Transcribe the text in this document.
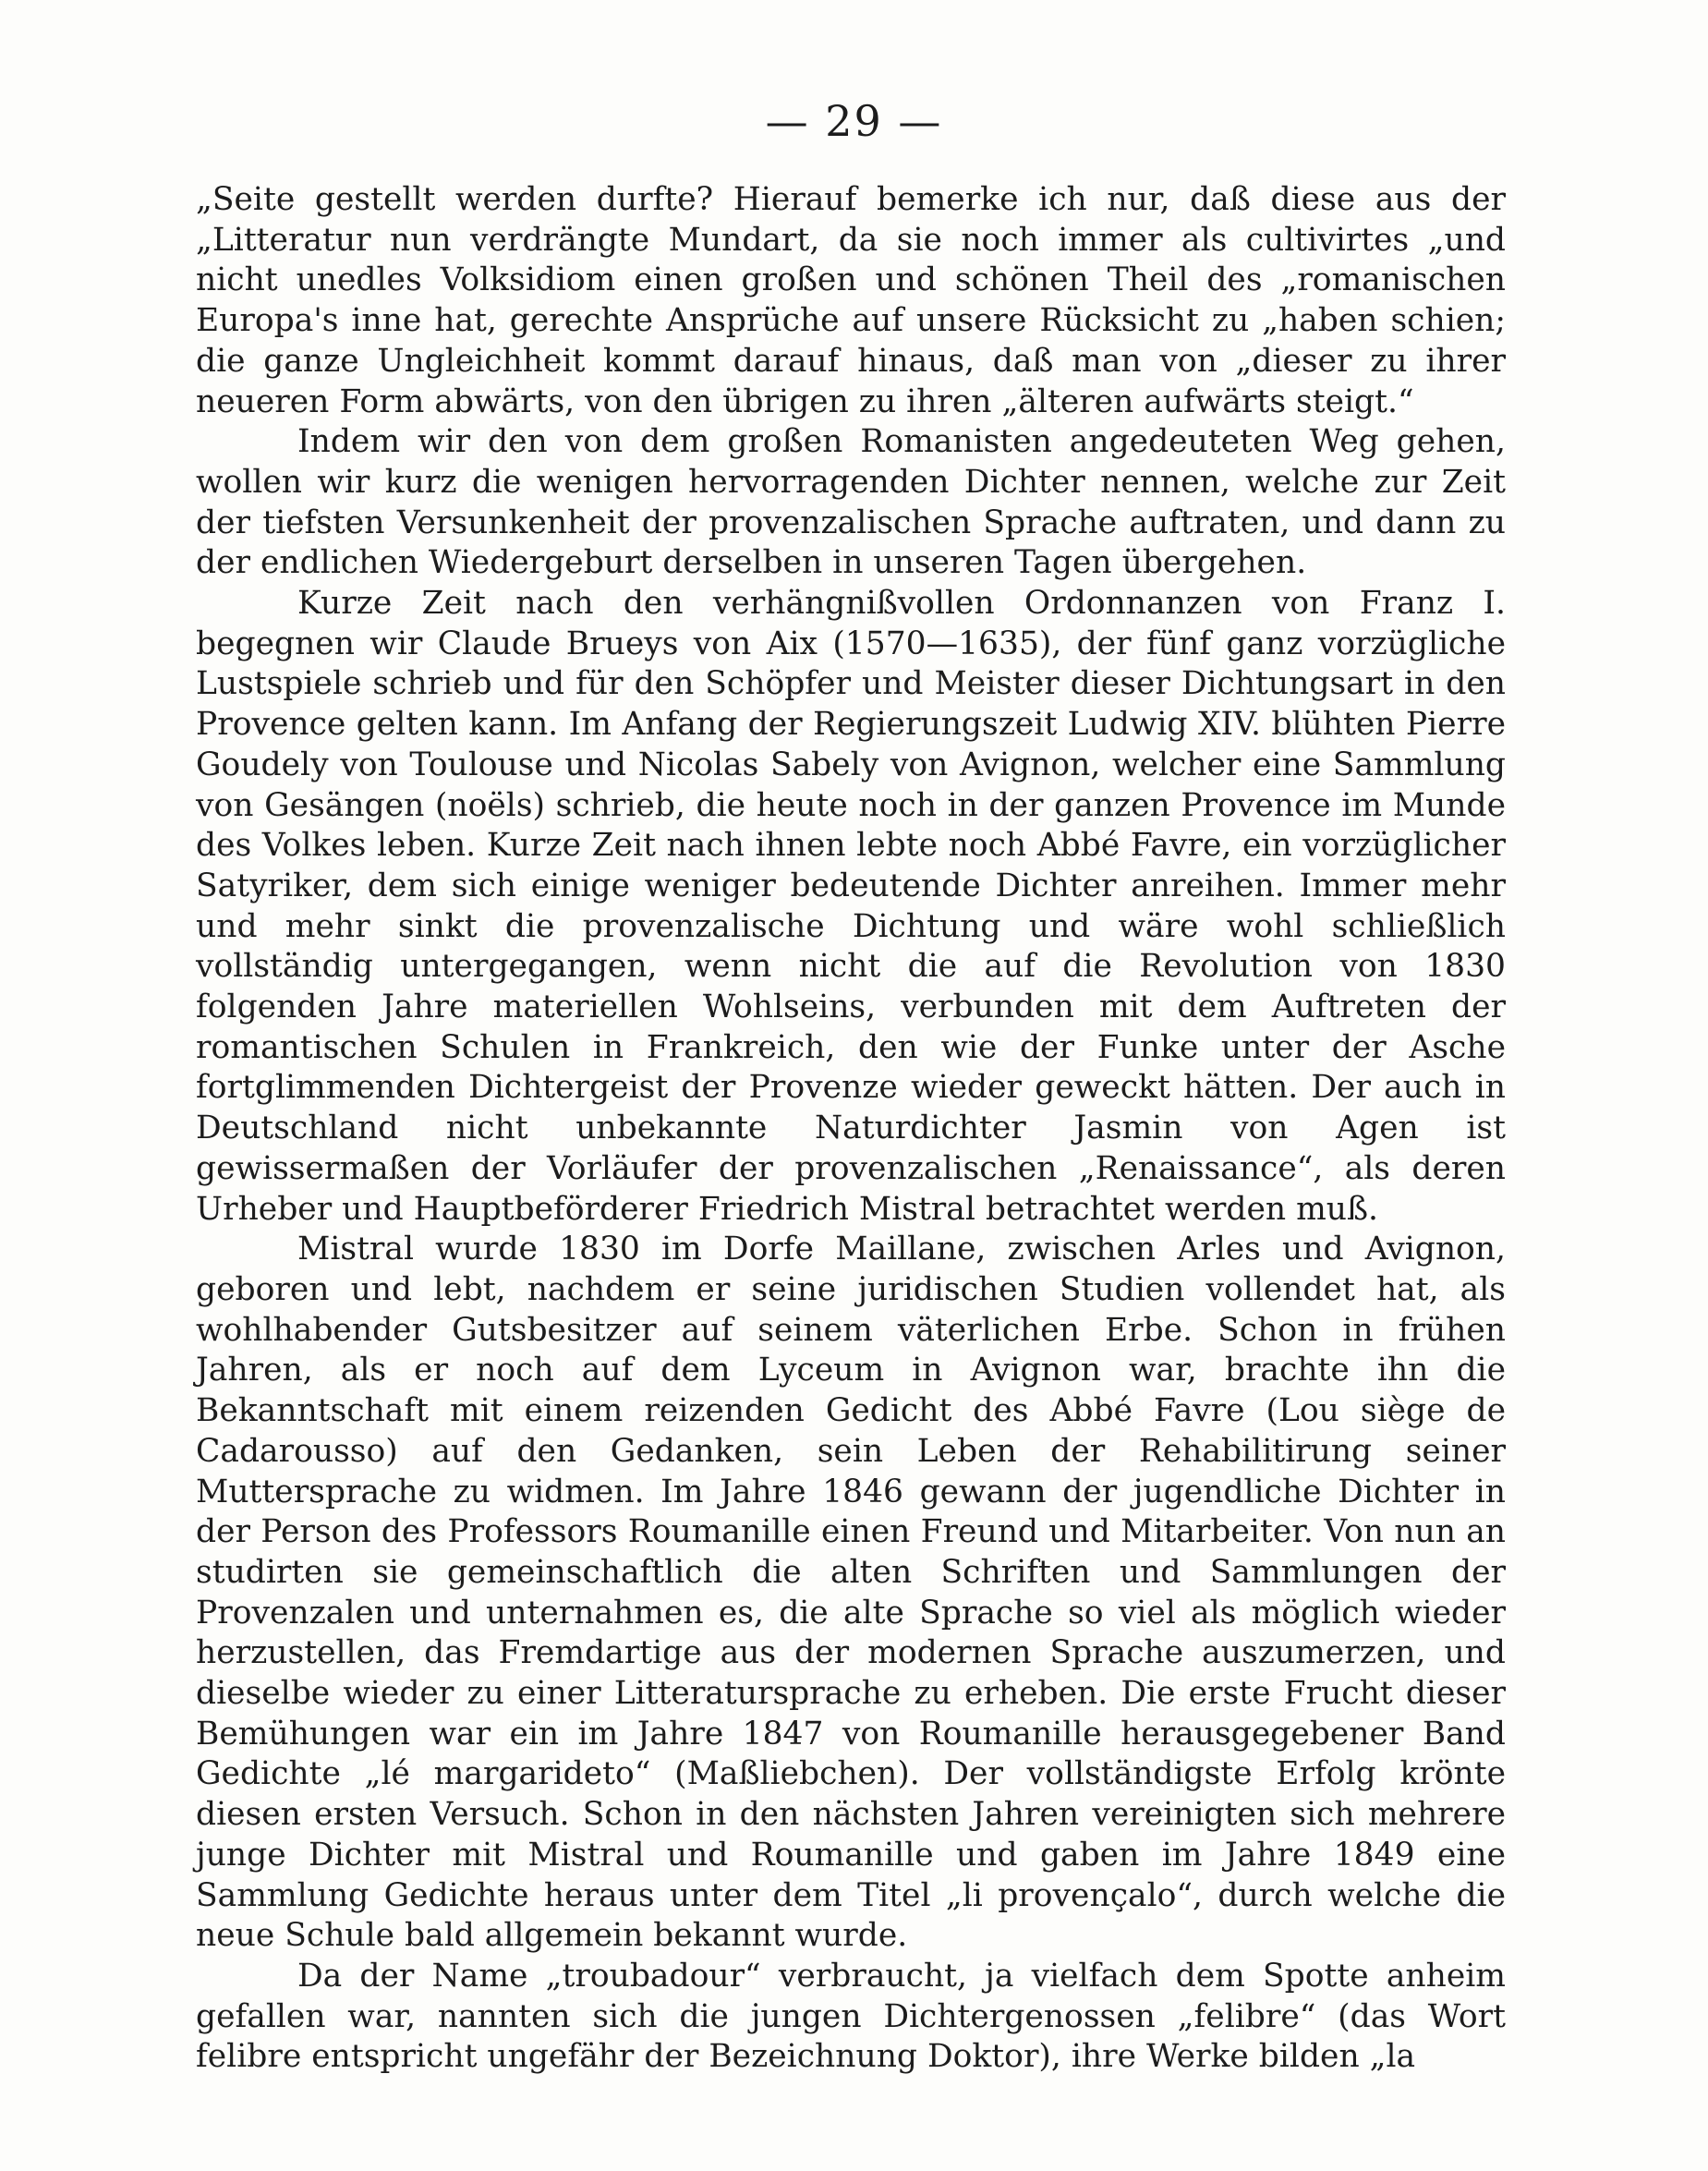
— 29 —

„Seite gestellt werden durfte? Hierauf bemerke ich nur, daß diese aus der „Litteratur nun verdrängte Mundart, da sie noch immer als cultivirtes „und nicht unedles Volksidiom einen großen und schönen Theil des „romanischen Europa's inne hat, gerechte Ansprüche auf unsere Rücksicht zu „haben schien; die ganze Ungleichheit kommt darauf hinaus, daß man von „dieser zu ihrer neueren Form abwärts, von den übrigen zu ihren „älteren aufwärts steigt.“

Indem wir den von dem großen Romanisten angedeuteten Weg gehen, wollen wir kurz die wenigen hervorragenden Dichter nennen, welche zur Zeit der tiefsten Versunkenheit der provenzalischen Sprache auftraten, und dann zu der endlichen Wiedergeburt derselben in unseren Tagen übergehen.

Kurze Zeit nach den verhängnißvollen Ordonnanzen von Franz I. begegnen wir Claude Brueys von Aix (1570—1635), der fünf ganz vorzügliche Lustspiele schrieb und für den Schöpfer und Meister dieser Dichtungsart in den Provence gelten kann. Im Anfang der Regierungszeit Ludwig XIV. blühten Pierre Goudely von Toulouse und Nicolas Sabely von Avignon, welcher eine Sammlung von Gesängen (noëls) schrieb, die heute noch in der ganzen Provence im Munde des Volkes leben. Kurze Zeit nach ihnen lebte noch Abbé Favre, ein vorzüglicher Satyriker, dem sich einige weniger bedeutende Dichter anreihen. Immer mehr und mehr sinkt die provenzalische Dichtung und wäre wohl schließlich vollständig untergegangen, wenn nicht die auf die Revolution von 1830 folgenden Jahre materiellen Wohlseins, verbunden mit dem Auftreten der romantischen Schulen in Frankreich, den wie der Funke unter der Asche fortglimmenden Dichtergeist der Provenze wieder geweckt hätten. Der auch in Deutschland nicht unbekannte Naturdichter Jasmin von Agen ist gewissermaßen der Vorläufer der provenzalischen „Renaissance“, als deren Urheber und Hauptbeförderer Friedrich Mistral betrachtet werden muß.

Mistral wurde 1830 im Dorfe Maillane, zwischen Arles und Avignon, geboren und lebt, nachdem er seine juridischen Studien vollendet hat, als wohlhabender Gutsbesitzer auf seinem väterlichen Erbe. Schon in frühen Jahren, als er noch auf dem Lyceum in Avignon war, brachte ihn die Bekanntschaft mit einem reizenden Gedicht des Abbé Favre (Lou siège de Cadarousso) auf den Gedanken, sein Leben der Rehabilitirung seiner Muttersprache zu widmen. Im Jahre 1846 gewann der jugendliche Dichter in der Person des Professors Roumanille einen Freund und Mitarbeiter. Von nun an studirten sie gemeinschaftlich die alten Schriften und Sammlungen der Provenzalen und unternahmen es, die alte Sprache so viel als möglich wieder herzustellen, das Fremdartige aus der modernen Sprache auszumerzen, und dieselbe wieder zu einer Litteratursprache zu erheben. Die erste Frucht dieser Bemühungen war ein im Jahre 1847 von Roumanille herausgegebener Band Gedichte „lé margarideto“ (Maßliebchen). Der vollständigste Erfolg krönte diesen ersten Versuch. Schon in den nächsten Jahren vereinigten sich mehrere junge Dichter mit Mistral und Roumanille und gaben im Jahre 1849 eine Sammlung Gedichte heraus unter dem Titel „li provençalo“, durch welche die neue Schule bald allgemein bekannt wurde.

Da der Name „troubadour“ verbraucht, ja vielfach dem Spotte anheim gefallen war, nannten sich die jungen Dichtergenossen „felibre“ (das Wort felibre entspricht ungefähr der Bezeichnung Doktor), ihre Werke bilden „la
